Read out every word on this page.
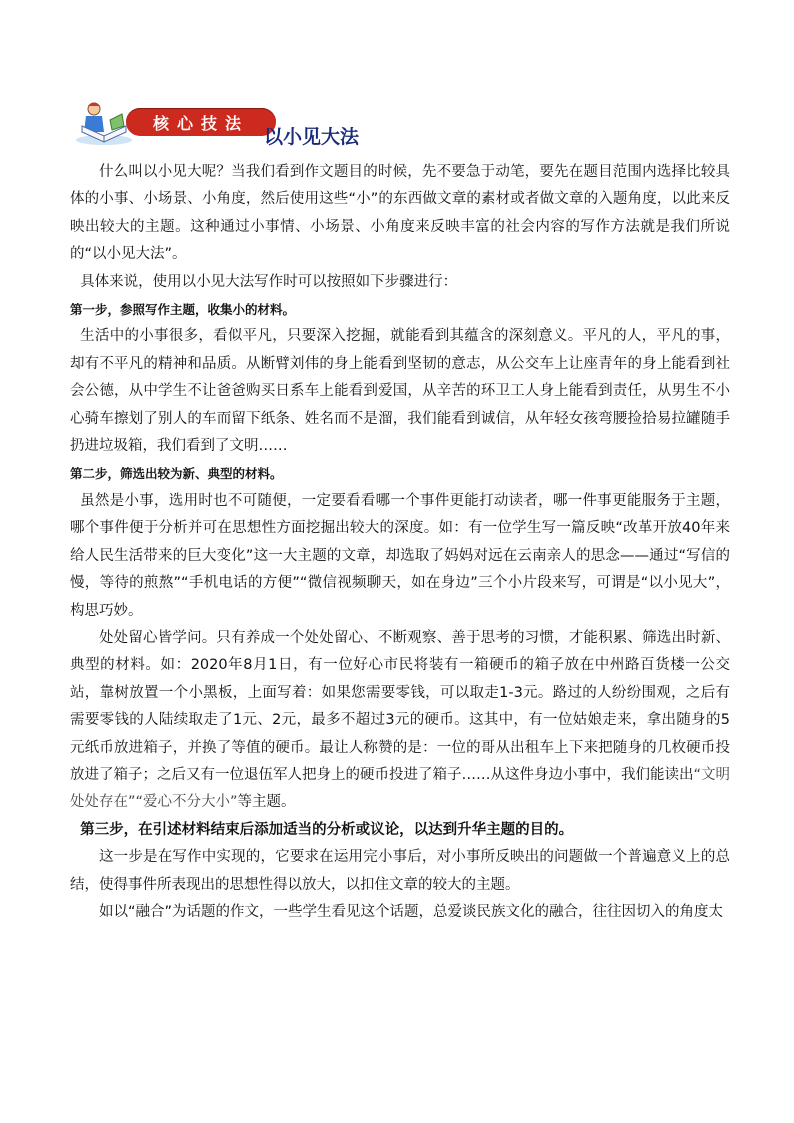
核心技法
以小见大法

什么叫以小见大呢？当我们看到作文题目的时候，先不要急于动笔，要先在题目范围内选择比较具体的小事、小场景、小角度，然后使用这些“小”的东西做文章的素材或者做文章的入题角度，以此来反映出较大的主题。这种通过小事情、小场景、小角度来反映丰富的社会内容的写作方法就是我们所说的“以小见大法”。

具体来说，使用以小见大法写作时可以按照如下步骤进行：

第一步，参照写作主题，收集小的材料。

生活中的小事很多，看似平凡，只要深入挖掘，就能看到其蕴含的深刻意义。平凡的人，平凡的事，却有不平凡的精神和品质。从断臂刘伟的身上能看到坚韧的意志，从公交车上让座青年的身上能看到社会公德，从中学生不让爸爸购买日系车上能看到爱国，从辛苦的环卫工人身上能看到责任，从男生不小心骑车擦划了别人的车而留下纸条、姓名而不是溜，我们能看到诚信，从年轻女孩弯腰捡拾易拉罐随手扔进垃圾箱，我们看到了文明……

第二步，筛选出较为新、典型的材料。

虽然是小事，选用时也不可随便，一定要看看哪一个事件更能打动读者，哪一件事更能服务于主题，哪个事件便于分析并可在思想性方面挖掘出较大的深度。如：有一位学生写一篇反映“改革开放40年来给人民生活带来的巨大变化”这一大主题的文章，却选取了妈妈对远在云南亲人的思念——通过“写信的慢，等待的煎熬”“手机电话的方便”“微信视频聊天，如在身边”三个小片段来写，可谓是“以小见大”，构思巧妙。

处处留心皆学问。只有养成一个处处留心、不断观察、善于思考的习惯，才能积累、筛选出时新、典型的材料。如：2020年8月1日，有一位好心市民将装有一箱硬币的箱子放在中州路百货楼一公交站，靠树放置一个小黑板，上面写着：如果您需要零钱，可以取走1-3元。路过的人纷纷围观，之后有需要零钱的人陆续取走了1元、2元，最多不超过3元的硬币。这其中，有一位姑娘走来，拿出随身的5元纸币放进箱子，并换了等值的硬币。最让人称赞的是：一位的哥从出租车上下来把随身的几枚硬币投放进了箱子；之后又有一位退伍军人把身上的硬币投进了箱子……从这件身边小事中，我们能读出“文明处处存在”“爱心不分大小”等主题。

第三步，在引述材料结束后添加适当的分析或议论，以达到升华主题的目的。

这一步是在写作中实现的，它要求在运用完小事后，对小事所反映出的问题做一个普遍意义上的总结，使得事件所表现出的思想性得以放大，以扣住文章的较大的主题。

如以“融合”为话题的作文，一些学生看见这个话题，总爱谈民族文化的融合，往往因切入的角度太
